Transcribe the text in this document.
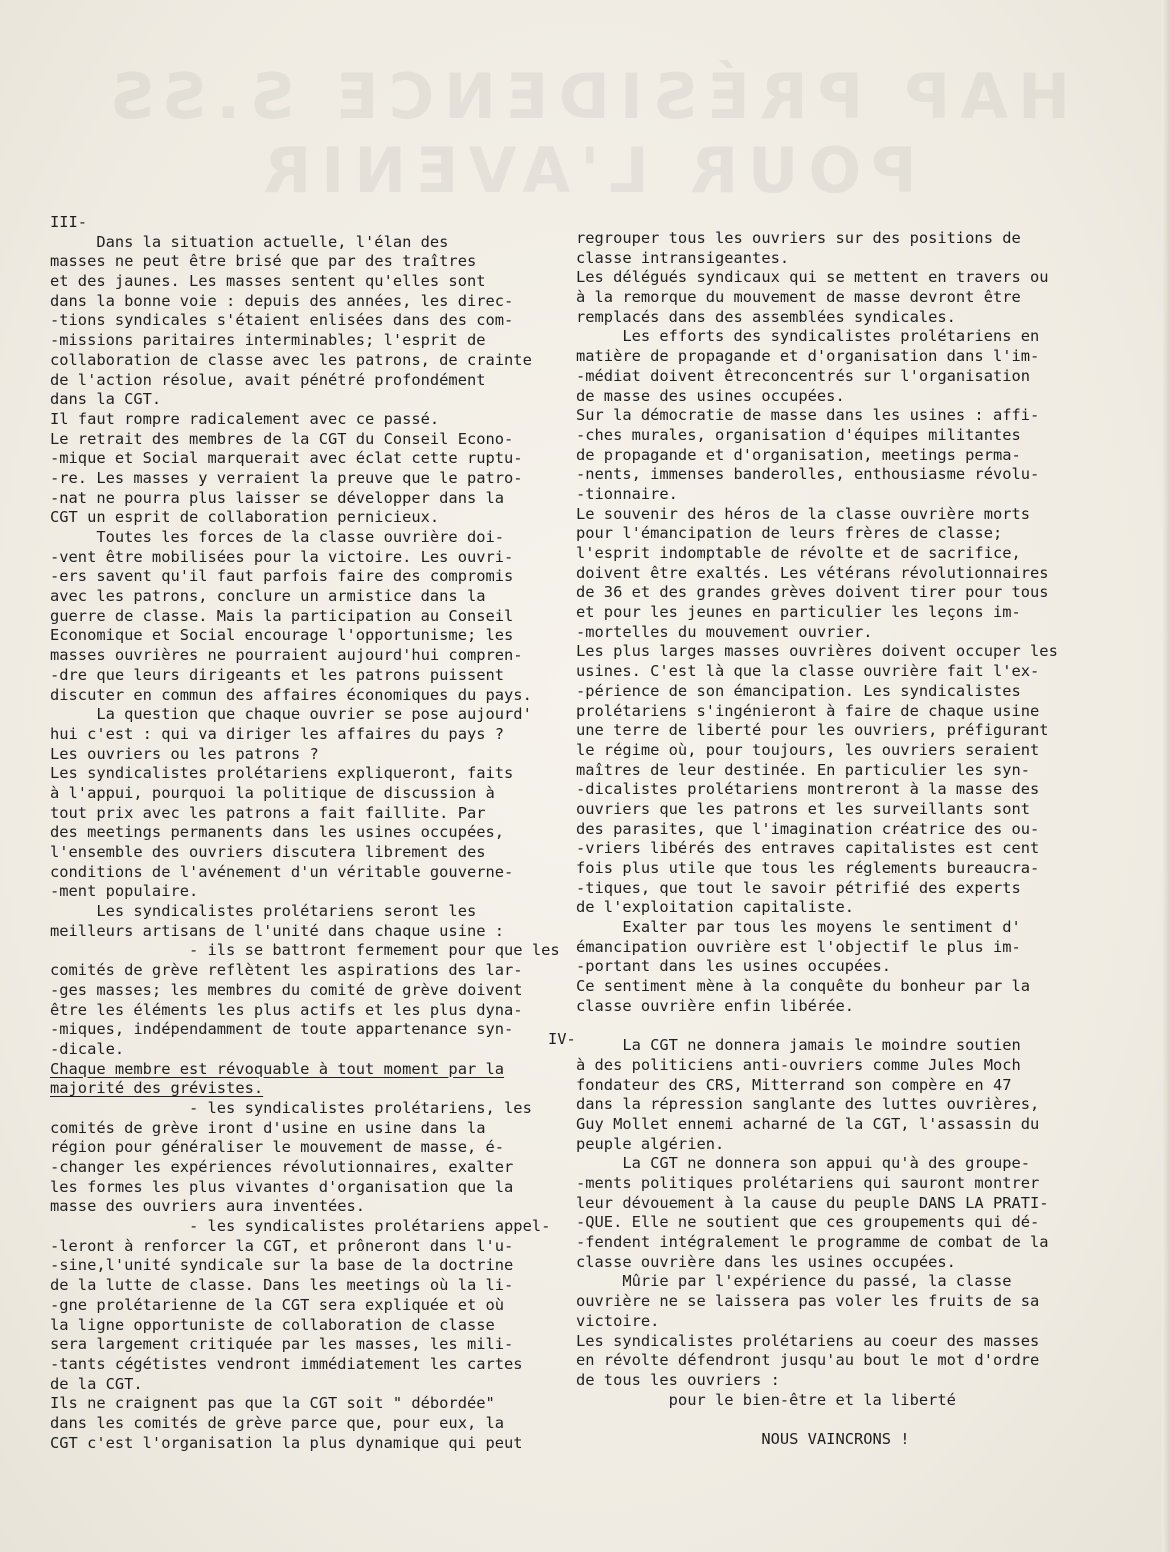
HAP PRÉSIDENCE S.SS
POUR L'AVENIR
III-
Dans la situation actuelle, l'élan des
masses ne peut être brisé que par des traîtres
et des jaunes. Les masses sentent qu'elles sont
dans la bonne voie : depuis des années, les direc-
-tions syndicales s'étaient enlisées dans des com-
-missions paritaires interminables; l'esprit de
collaboration de classe avec les patrons, de crainte
de l'action résolue, avait pénétré profondément
dans la CGT.
Il faut rompre radicalement avec ce passé.
Le retrait des membres de la CGT du Conseil Econo-
-mique et Social marquerait avec éclat cette ruptu-
-re. Les masses y verraient la preuve que le patro-
-nat ne pourra plus laisser se développer dans la
CGT un esprit de collaboration pernicieux.
Toutes les forces de la classe ouvrière doi-
-vent être mobilisées pour la victoire. Les ouvri-
-ers savent qu'il faut parfois faire des compromis
avec les patrons, conclure un armistice dans la
guerre de classe. Mais la participation au Conseil
Economique et Social encourage l'opportunisme; les
masses ouvrières ne pourraient aujourd'hui compren-
-dre que leurs dirigeants et les patrons puissent
discuter en commun des affaires économiques du pays.
La question que chaque ouvrier se pose aujourd'
hui c'est : qui va diriger les affaires du pays ?
Les ouvriers ou les patrons ?
Les syndicalistes prolétariens expliqueront, faits
à l'appui, pourquoi la politique de discussion à
tout prix avec les patrons a fait faillite. Par
des meetings permanents dans les usines occupées,
l'ensemble des ouvriers discutera librement des
conditions de l'avénement d'un véritable gouverne-
-ment populaire.
Les syndicalistes prolétariens seront les
meilleurs artisans de l'unité dans chaque usine :
- ils se battront fermement pour que les
comités de grève reflètent les aspirations des lar-
-ges masses; les membres du comité de grève doivent
être les éléments les plus actifs et les plus dyna-
-miques, indépendamment de toute appartenance syn-
-dicale.
Chaque membre est révoquable à tout moment par la
majorité des grévistes.
- les syndicalistes prolétariens, les
comités de grève iront d'usine en usine dans la
région pour généraliser le mouvement de masse, é-
-changer les expériences révolutionnaires, exalter
les formes les plus vivantes d'organisation que la
masse des ouvriers aura inventées.
- les syndicalistes prolétariens appel-
-leront à renforcer la CGT, et prôneront dans l'u-
-sine,l'unité syndicale sur la base de la doctrine
de la lutte de classe. Dans les meetings où la li-
-gne prolétarienne de la CGT sera expliquée et où
la ligne opportuniste de collaboration de classe
sera largement critiquée par les masses, les mili-
-tants cégétistes vendront immédiatement les cartes
de la CGT.
Ils ne craignent pas que la CGT soit " débordée"
dans les comités de grève parce que, pour eux, la
CGT c'est l'organisation la plus dynamique qui peut
IV-
regrouper tous les ouvriers sur des positions de
classe intransigeantes.
Les délégués syndicaux qui se mettent en travers ou
à la remorque du mouvement de masse devront être
remplacés dans des assemblées syndicales.
Les efforts des syndicalistes prolétariens en
matière de propagande et d'organisation dans l'im-
-médiat doivent êtreconcentrés sur l'organisation
de masse des usines occupées.
Sur la démocratie de masse dans les usines : affi-
-ches murales, organisation d'équipes militantes
de propagande et d'organisation, meetings perma-
-nents, immenses banderolles, enthousiasme révolu-
-tionnaire.
Le souvenir des héros de la classe ouvrière morts
pour l'émancipation de leurs frères de classe;
l'esprit indomptable de révolte et de sacrifice,
doivent être exaltés. Les vétérans révolutionnaires
de 36 et des grandes grèves doivent tirer pour tous
et pour les jeunes en particulier les leçons im-
-mortelles du mouvement ouvrier.
Les plus larges masses ouvrières doivent occuper les
usines. C'est là que la classe ouvrière fait l'ex-
-périence de son émancipation. Les syndicalistes
prolétariens s'ingénieront à faire de chaque usine
une terre de liberté pour les ouvriers, préfigurant
le régime où, pour toujours, les ouvriers seraient
maîtres de leur destinée. En particulier les syn-
-dicalistes prolétariens montreront à la masse des
ouvriers que les patrons et les surveillants sont
des parasites, que l'imagination créatrice des ou-
-vriers libérés des entraves capitalistes est cent
fois plus utile que tous les réglements bureaucra-
-tiques, que tout le savoir pétrifié des experts
de l'exploitation capitaliste.
Exalter par tous les moyens le sentiment d'
émancipation ouvrière est l'objectif le plus im-
-portant dans les usines occupées.
Ce sentiment mène à la conquête du bonheur par la
classe ouvrière enfin libérée.
La CGT ne donnera jamais le moindre soutien
à des politiciens anti-ouvriers comme Jules Moch
fondateur des CRS, Mitterrand son compère en 47
dans la répression sanglante des luttes ouvrières,
Guy Mollet ennemi acharné de la CGT, l'assassin du
peuple algérien.
La CGT ne donnera son appui qu'à des groupe-
-ments politiques prolétariens qui sauront montrer
leur dévouement à la cause du peuple DANS LA PRATI-
-QUE. Elle ne soutient que ces groupements qui dé-
-fendent intégralement le programme de combat de la
classe ouvrière dans les usines occupées.
Mûrie par l'expérience du passé, la classe
ouvrière ne se laissera pas voler les fruits de sa
victoire.
Les syndicalistes prolétariens au coeur des masses
en révolte défendront jusqu'au bout le mot d'ordre
de tous les ouvriers :
pour le bien-être et la liberté
NOUS VAINCRONS !
